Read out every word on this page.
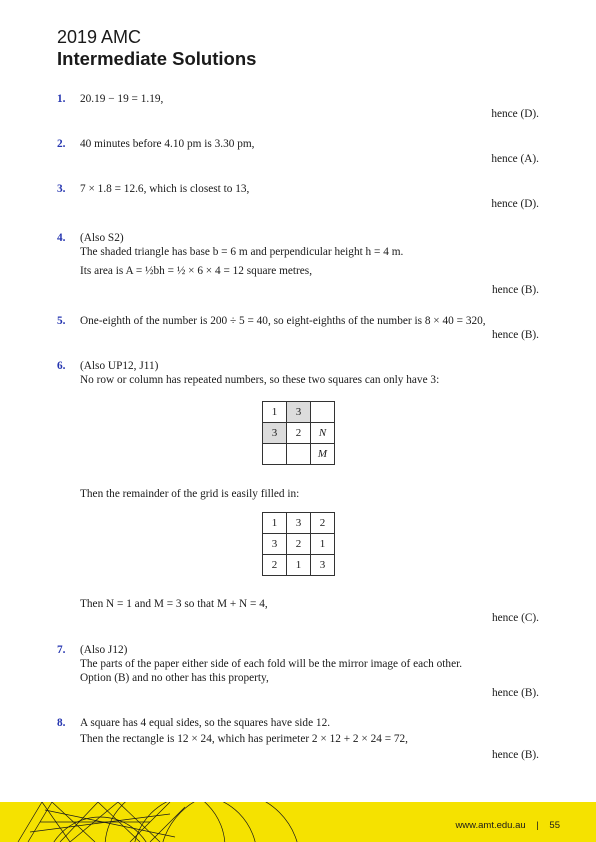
2019 AMC
Intermediate Solutions
1. 20.19 − 19 = 1.19,
hence (D).
2. 40 minutes before 4.10 pm is 3.30 pm,
hence (A).
3. 7 × 1.8 = 12.6, which is closest to 13,
hence (D).
4. (Also S2)
The shaded triangle has base b = 6 m and perpendicular height h = 4 m.
Its area is A = ½bh = ½ × 6 × 4 = 12 square metres,
hence (B).
5. One-eighth of the number is 200 ÷ 5 = 40, so eight-eighths of the number is 8 × 40 = 320,
hence (B).
6. (Also UP12, J11)
No row or column has repeated numbers, so these two squares can only have 3:
1	3	
3	2	N
		M
Then the remainder of the grid is easily filled in:
1	3	2
3	2	1
2	1	3
Then N = 1 and M = 3 so that M + N = 4,
hence (C).
7. (Also J12)
The parts of the paper either side of each fold will be the mirror image of each other.
Option (B) and no other has this property,
hence (B).
8. A square has 4 equal sides, so the squares have side 12.
Then the rectangle is 12 × 24, which has perimeter 2 × 12 + 2 × 24 = 72,
hence (B).
www.amt.edu.au | 55
